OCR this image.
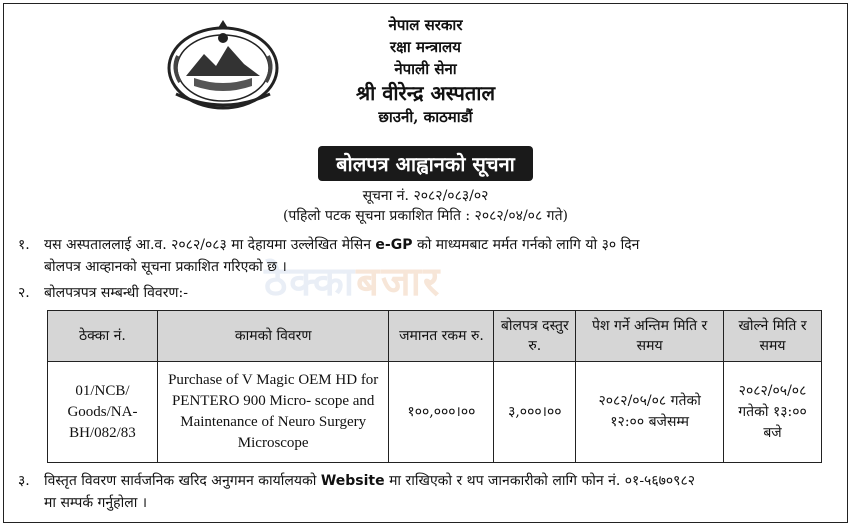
नेपाल सरकार
रक्षा मन्त्रालय
नेपाली सेना
श्री वीरेन्द्र अस्पताल
छाउनी, काठमाडौं
बोलपत्र आह्वानको सूचना
सूचना नं. २०८२/०८३/०२
(पहिलो पटक सूचना प्रकाशित मिति : २०८२/०४/०८ गते)
ठेक्काबजार
१. यस अस्पताललाई आ.व. २०८२/०८३ मा देहायमा उल्लेखित मेसिन e-GP को माध्यमबाट मर्मत गर्नको लागि यो ३० दिन
बोलपत्र आव्हानको सूचना प्रकाशित गरिएको छ ।
२. बोलपत्रपत्र सम्बन्धी विवरण:-
ठेक्का नं.	कामको विवरण	जमानत रकम रु.	बोलपत्र दस्तुर रु.	पेश गर्ने अन्तिम मिति र समय	खोल्ने मिति र समय
01/NCB/ Goods/NA- BH/082/83	Purchase of V Magic OEM HD for PENTERO 900 Micro- scope and Maintenance of Neuro Surgery Microscope	१००,०००।००	३,०००।००	२०८२/०५/०८ गतेको १२:०० बजेसम्म	२०८२/०५/०८ गतेको १३:०० बजे
३. विस्तृत विवरण सार्वजनिक खरिद अनुगमन कार्यालयको Website मा राखिएको र थप जानकारीको लागि फोन नं. ०१-५६७०९८२
मा सम्पर्क गर्नुहोला ।
